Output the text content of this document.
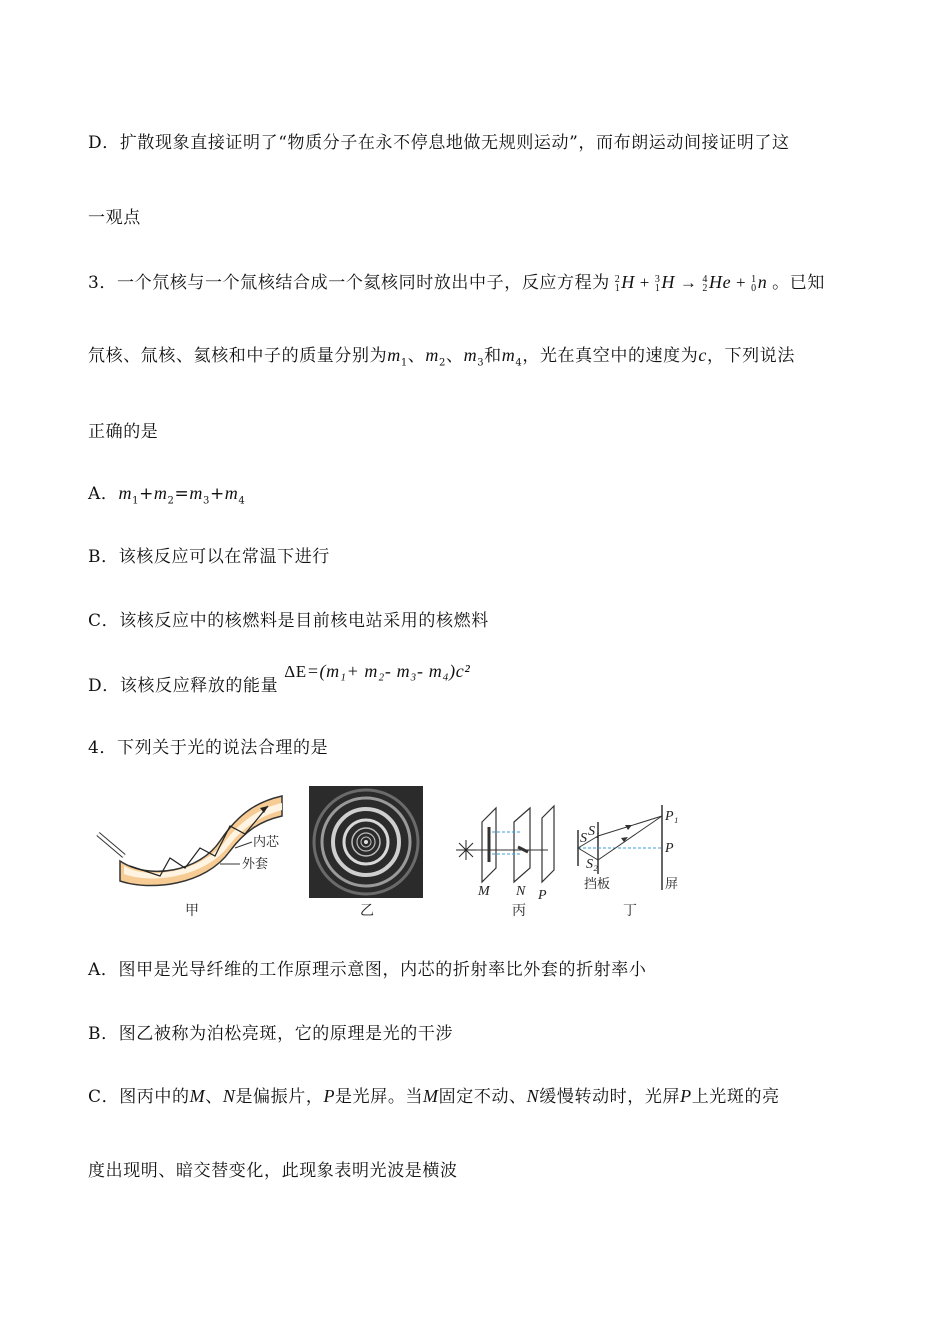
D．扩散现象直接证明了“物质分子在永不停息地做无规则运动”，而布朗运动间接证明了这
一观点
3．一个氘核与一个氚核结合成一个氦核同时放出中子，反应方程为 2
1 H + 3
1 H → 4
2 He + 1
0 n 。已知
氘核、氚核、氦核和中子的质量分别为$m_1$、$m_2$、$m_3$和$m_4$，光在真空中的速度为c，下列说法
正确的是
A．$m_1+m_2=m_3+m_4$
B．该核反应可以在常温下进行
C．该核反应中的核燃料是目前核电站采用的核燃料
D．该核反应释放的能量 ΔE=(m₁+ m₂- m₃- m₄)c²
4．下列关于光的说法合理的是
内芯
外套
甲	乙
M N P
丙
S S₁
S₂
P₁
P
挡板	屏
丁
A．图甲是光导纤维的工作原理示意图，内芯的折射率比外套的折射率小
B．图乙被称为泊松亮斑，它的原理是光的干涉
C．图丙中的M、N是偏振片，P是光屏。当M固定不动、N缓慢转动时，光屏P上光斑的亮
度出现明、暗交替变化，此现象表明光波是横波
